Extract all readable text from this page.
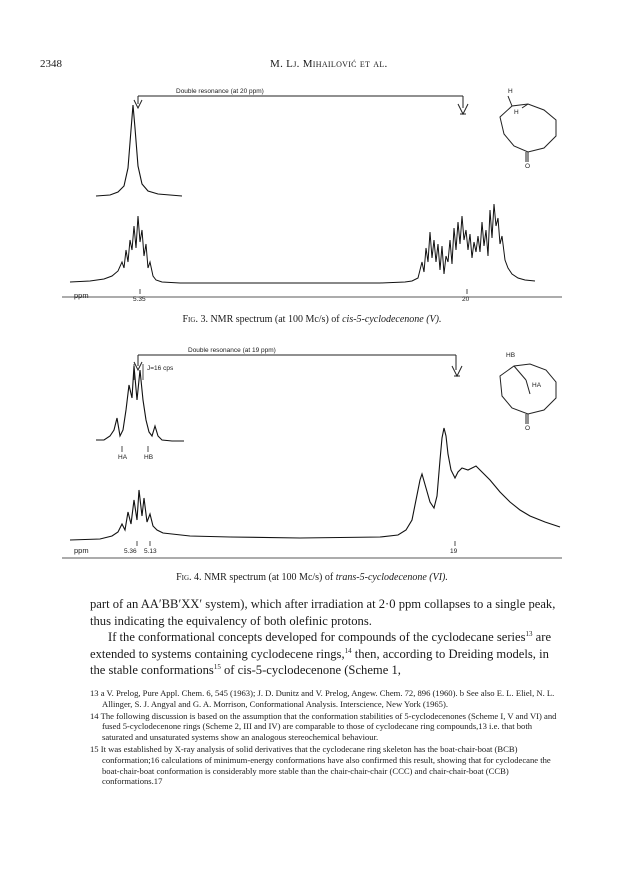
2348	M. Lj. Mihailović et al.
Double resonance (at 20 ppm)	H
H
O
ppm	5.35	20
Fig. 3. NMR spectrum (at 100 Mc/s) of cis-5-cyclodecenone (V).
Double resonance (at 19 ppm)
J=16 cps
HA	HB
HB
HA
O
ppm	5.36 5.13	19
Fig. 4. NMR spectrum (at 100 Mc/s) of trans-5-cyclodecenone (VI).

part of an AA′BB′XX′ system), which after irradiation at 2·0 ppm collapses to a single peak, thus indicating the equivalency of both olefinic protons.

If the conformational concepts developed for compounds of the cyclodecane series$^{13}$ are extended to systems containing cyclodecene rings,$^{14}$ then, according to Dreiding models, in the stable conformations$^{15}$ of cis-5-cyclodecenone (Scheme 1,

13 a V. Prelog, Pure Appl. Chem. 6, 545 (1963); J. D. Dunitz and V. Prelog, Angew. Chem. 72, 896 (1960). b See also E. L. Eliel, N. L. Allinger, S. J. Angyal and G. A. Morrison, Conformational Analysis. Interscience, New York (1965).
14 The following discussion is based on the assumption that the conformation stabilities of 5-cyclodecenones (Scheme I, V and VI) and fused 5-cyclodecenone rings (Scheme 2, III and IV) are comparable to those of cyclodecane ring compounds,13 i.e. that both saturated and unsaturated systems show an analogous stereochemical behaviour.
15 It was established by X-ray analysis of solid derivatives that the cyclodecane ring skeleton has the boat-chair-boat (BCB) conformation;16 calculations of minimum-energy conformations have also confirmed this result, showing that for cyclodecane the boat-chair-boat conformation is considerably more stable than the chair-chair-chair (CCC) and chair-chair-boat (CCB) conformations.17
